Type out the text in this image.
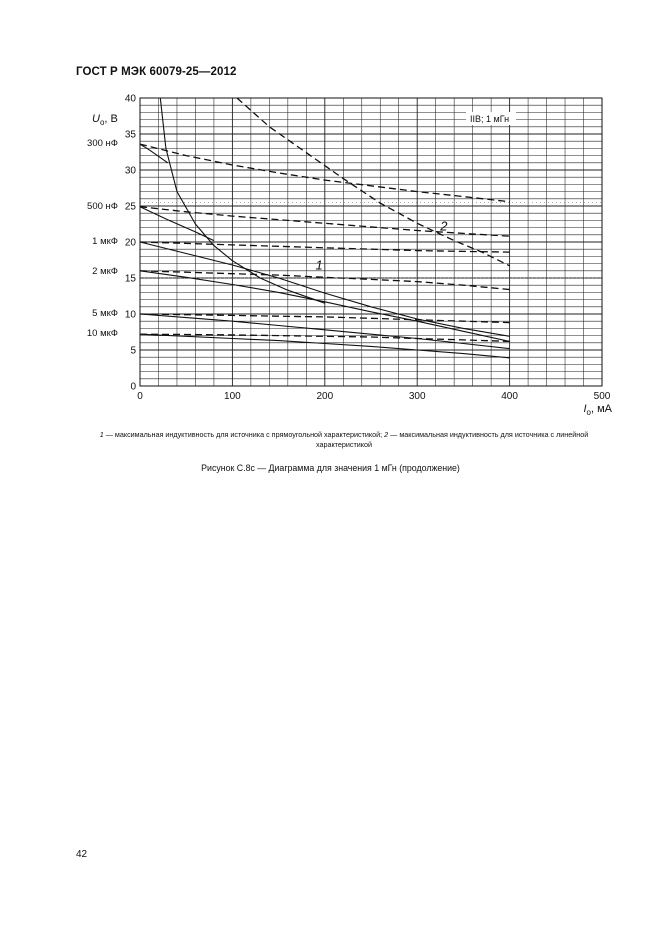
ГОСТ Р МЭК 60079-25—2012
0	100	200	300	400	500
0
5
10
15
20
25
30
35
40
$U_o$, В
$I_o$, мА
IIB; 1 мГн
1
2
300 нФ
500 нФ
1 мкФ
2 мкФ
5 мкФ
10 мкФ
1 — максимальная индуктивность для источника с прямоугольной характеристикой; 2 — максимальная индуктивность для источника с линейной характеристикой
Рисунок С.8с — Диаграмма для значения 1 мГн (продолжение)
42
